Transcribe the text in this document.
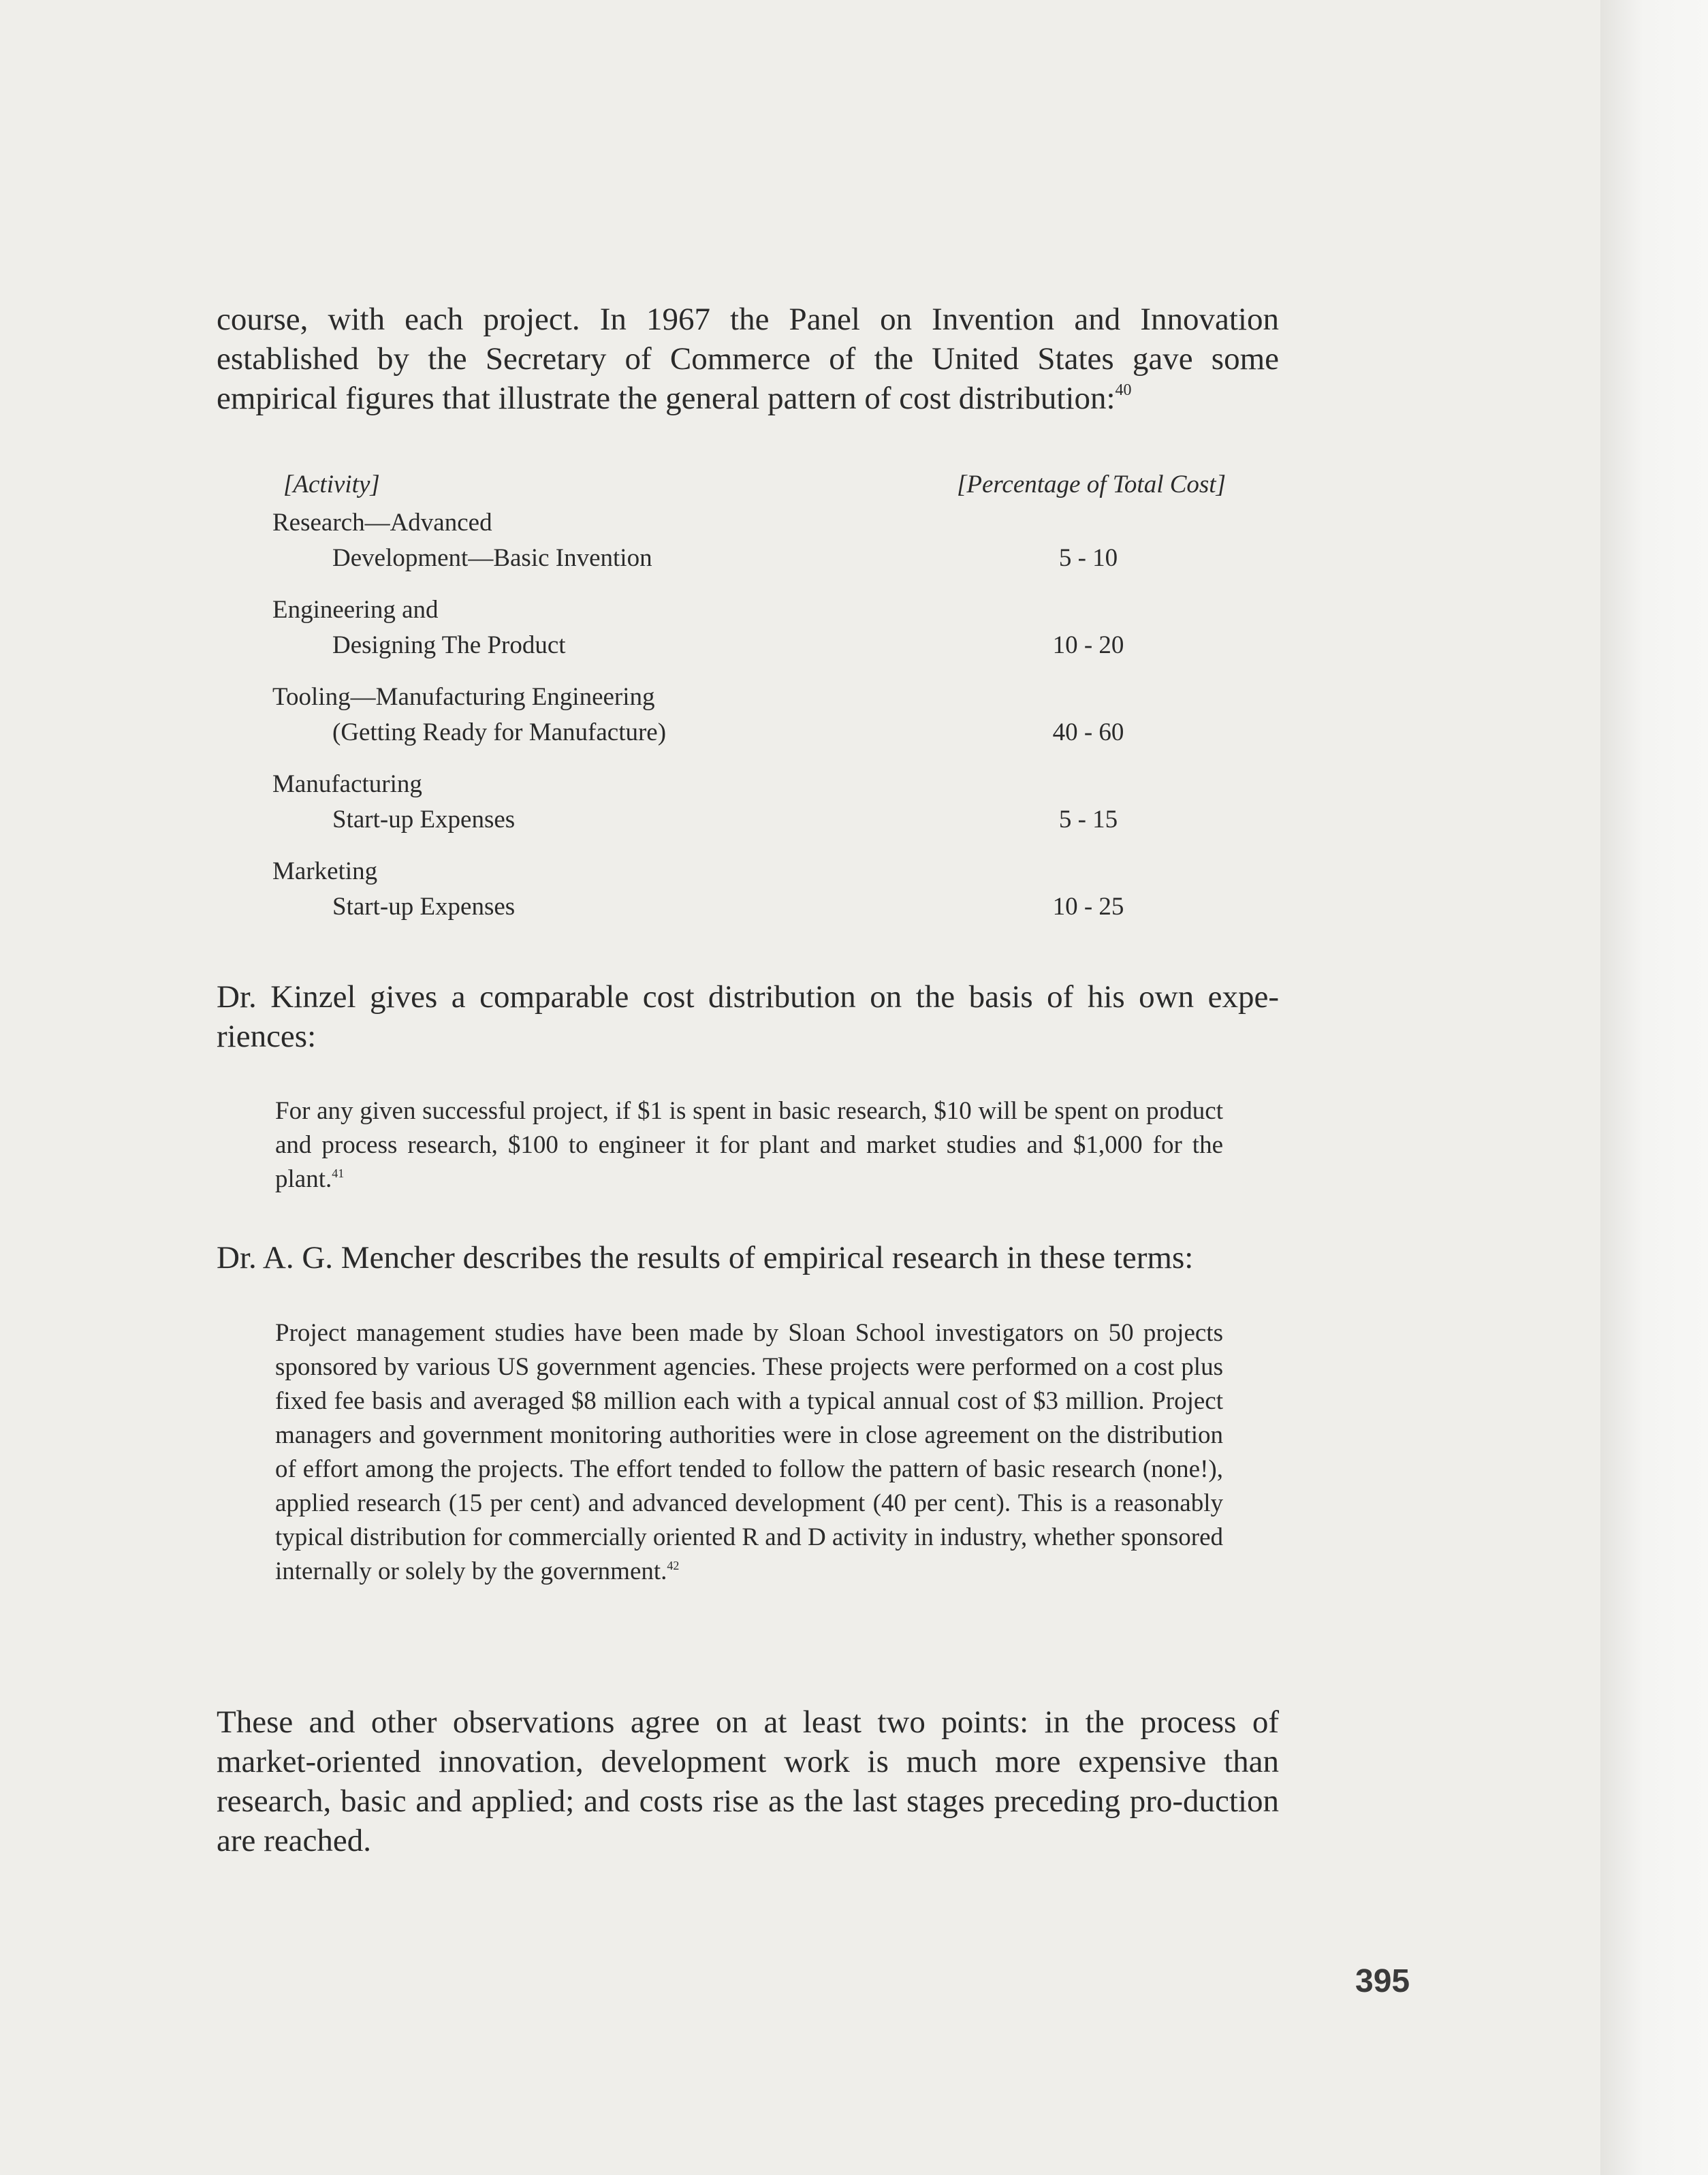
course, with each project. In 1967 the Panel on Invention and Innovation established by the Secretary of Commerce of the United States gave some empirical figures that illustrate the general pattern of cost distribution:$^{40}$

[Activity]	[Percentage of Total Cost]
Research—Advanced
Development—Basic Invention	5 - 10
Engineering and
Designing The Product	10 - 20
Tooling—Manufacturing Engineering
(Getting Ready for Manufacture)	40 - 60
Manufacturing
Start-up Expenses	5 - 15
Marketing
Start-up Expenses	10 - 25

Dr. Kinzel gives a comparable cost distribution on the basis of his own expe-riences:

For any given successful project, if $1 is spent in basic research, $10 will be spent on product and process research, $100 to engineer it for plant and market studies and $1,000 for the plant.$^{41}$

Dr. A. G. Mencher describes the results of empirical research in these terms:

Project management studies have been made by Sloan School investigators on 50 projects sponsored by various US government agencies. These projects were performed on a cost plus fixed fee basis and averaged $8 million each with a typical annual cost of $3 million. Project managers and government monitoring authorities were in close agreement on the distribution of effort among the projects. The effort tended to follow the pattern of basic research (none!), applied research (15 per cent) and advanced development (40 per cent). This is a reasonably typical distribution for commercially oriented R and D activity in industry, whether sponsored internally or solely by the government.$^{42}$

These and other observations agree on at least two points: in the process of market-oriented innovation, development work is much more expensive than research, basic and applied; and costs rise as the last stages preceding pro-duction are reached.

395
